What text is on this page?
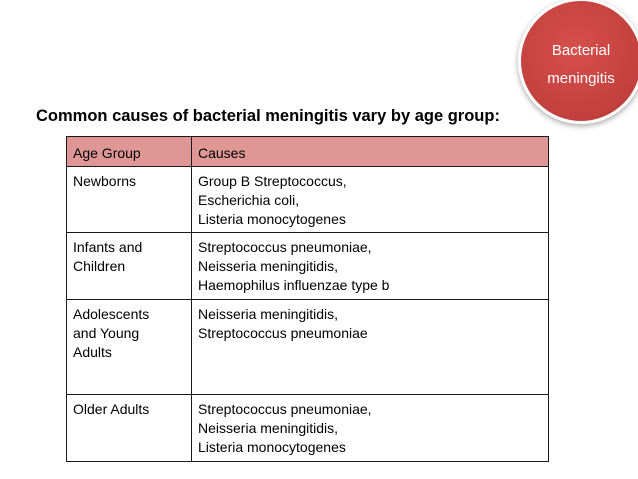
Bacterial
meningitis
Common causes of bacterial meningitis vary by age group:
Age Group	Causes

Newborns	Group B Streptococcus,
Escherichia coli,
Listeria monocytogenes

Infants and
Children	Streptococcus pneumoniae,
Neisseria meningitidis,
Haemophilus influenzae type b

Adolescents
and Young
Adults	Neisseria meningitidis,
Streptococcus pneumoniae

Older Adults	Streptococcus pneumoniae,
Neisseria meningitidis,
Listeria monocytogenes
